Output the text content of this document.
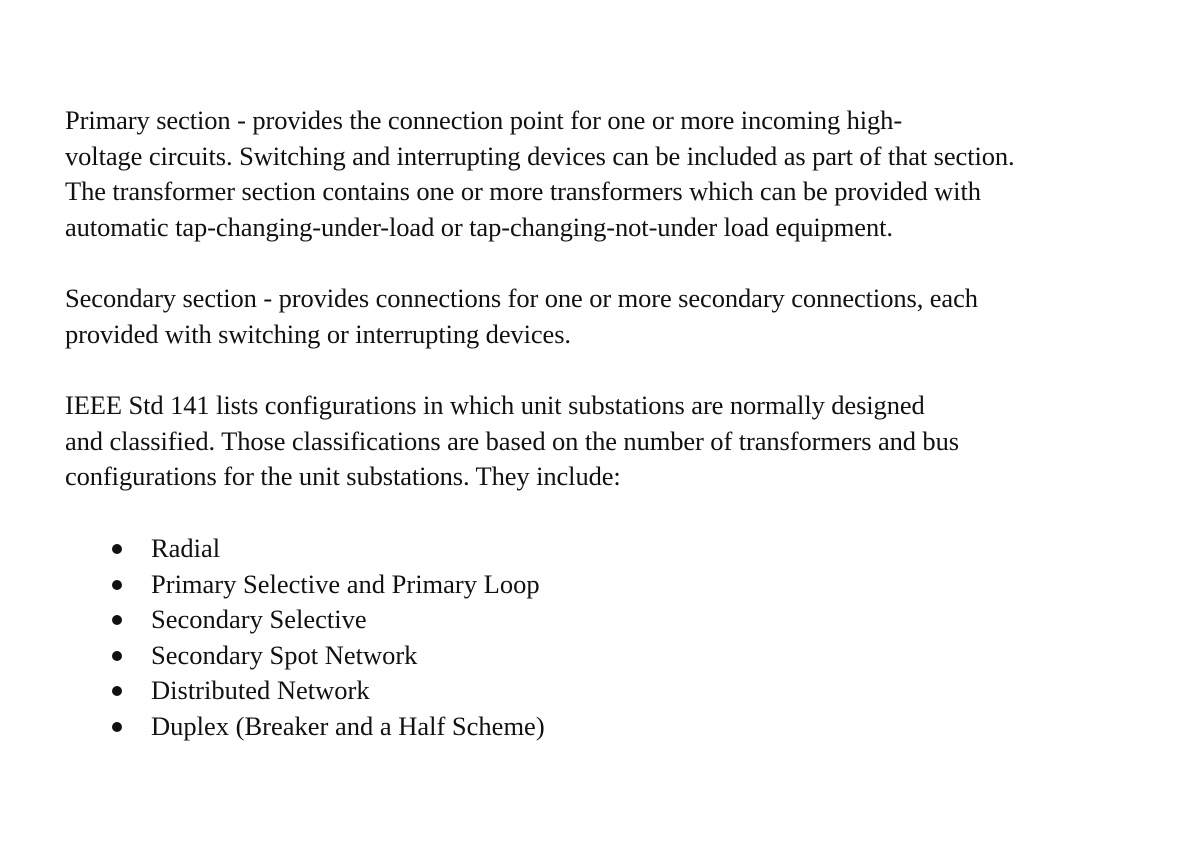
Primary section - provides the connection point for one or more incoming high-
voltage circuits. Switching and interrupting devices can be included as part of that section.
The transformer section contains one or more transformers which can be provided with
automatic tap-changing-under-load or tap-changing-not-under load equipment.
Secondary section - provides connections for one or more secondary connections, each
provided with switching or interrupting devices.
IEEE Std 141 lists configurations in which unit substations are normally designed
and classified. Those classifications are based on the number of transformers and bus
configurations for the unit substations. They include:
Radial
Primary Selective and Primary Loop
Secondary Selective
Secondary Spot Network
Distributed Network
Duplex (Breaker and a Half Scheme)
